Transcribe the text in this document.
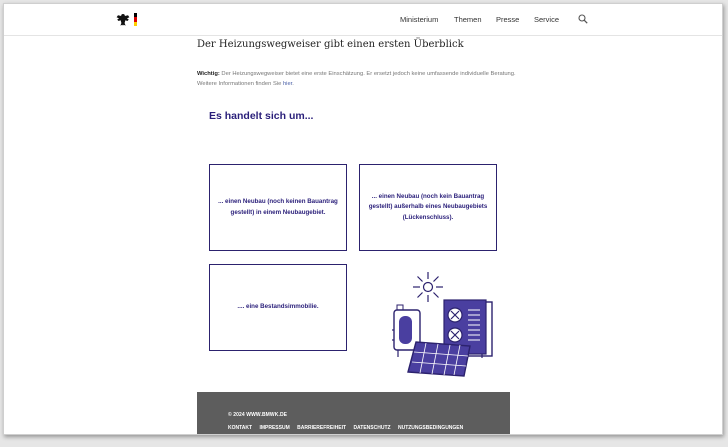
Ministerium Themen Presse Service
Der Heizungswegweiser gibt einen ersten Überblick
Wichtig: Der Heizungswegweiser bietet eine erste Einschätzung. Er ersetzt jedoch keine umfassende individuelle Beratung. Weitere Informationen finden Sie hier.
Es handelt sich um...
... einen Neubau (noch keinen Bauantrag gestellt) in einem Neubaugebiet.
... einen Neubau (noch kein Bauantrag gestellt) außerhalb eines Neubaugebiets (Lückenschluss).
.... eine Bestandsimmobilie.
© 2024 WWW.BMWK.DE
KONTAKT IMPRESSUM BARRIEREFREIHEIT DATENSCHUTZ NUTZUNGSBEDINGUNGEN
